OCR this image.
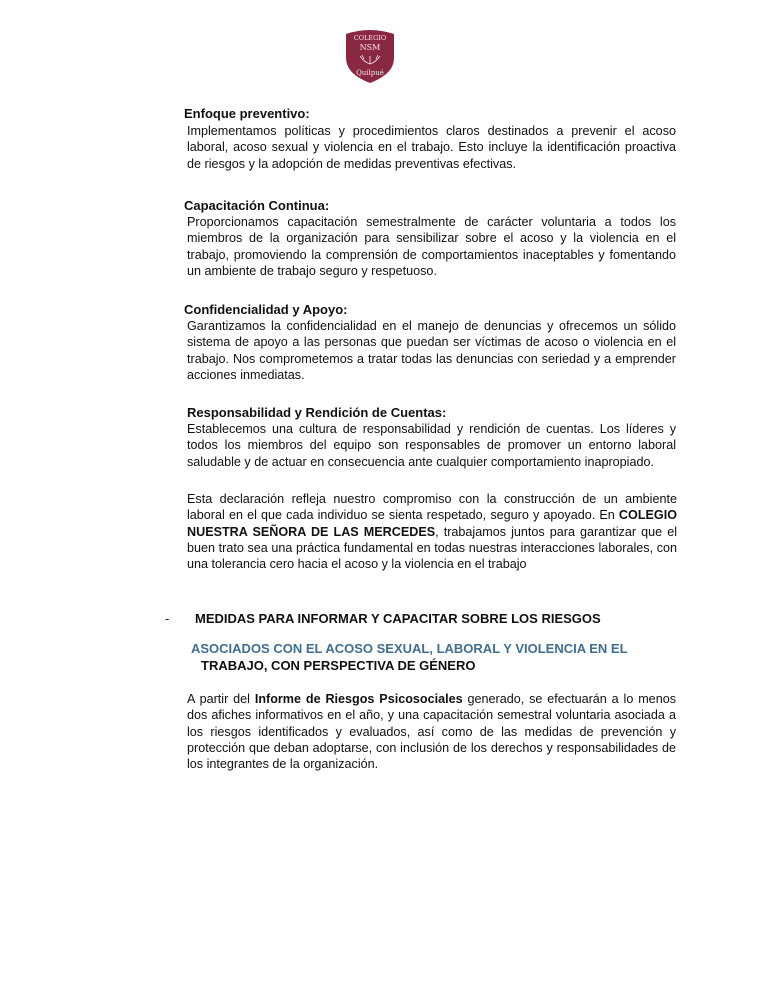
COLEGIO
NSM
Quilpué
Enfoque preventivo:
Implementamos políticas y procedimientos claros destinados a prevenir el acoso laboral, acoso sexual y violencia en el trabajo. Esto incluye la identificación proactiva de riesgos y la adopción de medidas preventivas efectivas.
Capacitación Continua:
Proporcionamos capacitación semestralmente de carácter voluntaria a todos los miembros de la organización para sensibilizar sobre el acoso y la violencia en el trabajo, promoviendo la comprensión de comportamientos inaceptables y fomentando un ambiente de trabajo seguro y respetuoso.
Confidencialidad y Apoyo:
Garantizamos la confidencialidad en el manejo de denuncias y ofrecemos un sólido sistema de apoyo a las personas que puedan ser víctimas de acoso o violencia en el trabajo. Nos comprometemos a tratar todas las denuncias con seriedad y a emprender acciones inmediatas.
Responsabilidad y Rendición de Cuentas:
Establecemos una cultura de responsabilidad y rendición de cuentas. Los líderes y todos los miembros del equipo son responsables de promover un entorno laboral saludable y de actuar en consecuencia ante cualquier comportamiento inapropiado.
Esta declaración refleja nuestro compromiso con la construcción de un ambiente laboral en el que cada individuo se sienta respetado, seguro y apoyado. En COLEGIO NUESTRA SEÑORA DE LAS MERCEDES, trabajamos juntos para garantizar que el buen trato sea una práctica fundamental en todas nuestras interacciones laborales, con una tolerancia cero hacia el acoso y la violencia en el trabajo
- MEDIDAS PARA INFORMAR Y CAPACITAR SOBRE LOS RIESGOS
ASOCIADOS CON EL ACOSO SEXUAL, LABORAL Y VIOLENCIA EN EL
TRABAJO, CON PERSPECTIVA DE GÉNERO
A partir del Informe de Riesgos Psicosociales generado, se efectuarán a lo menos dos afiches informativos en el año, y una capacitación semestral voluntaria asociada a los riesgos identificados y evaluados, así como de las medidas de prevención y protección que deban adoptarse, con inclusión de los derechos y responsabilidades de los integrantes de la organización.
